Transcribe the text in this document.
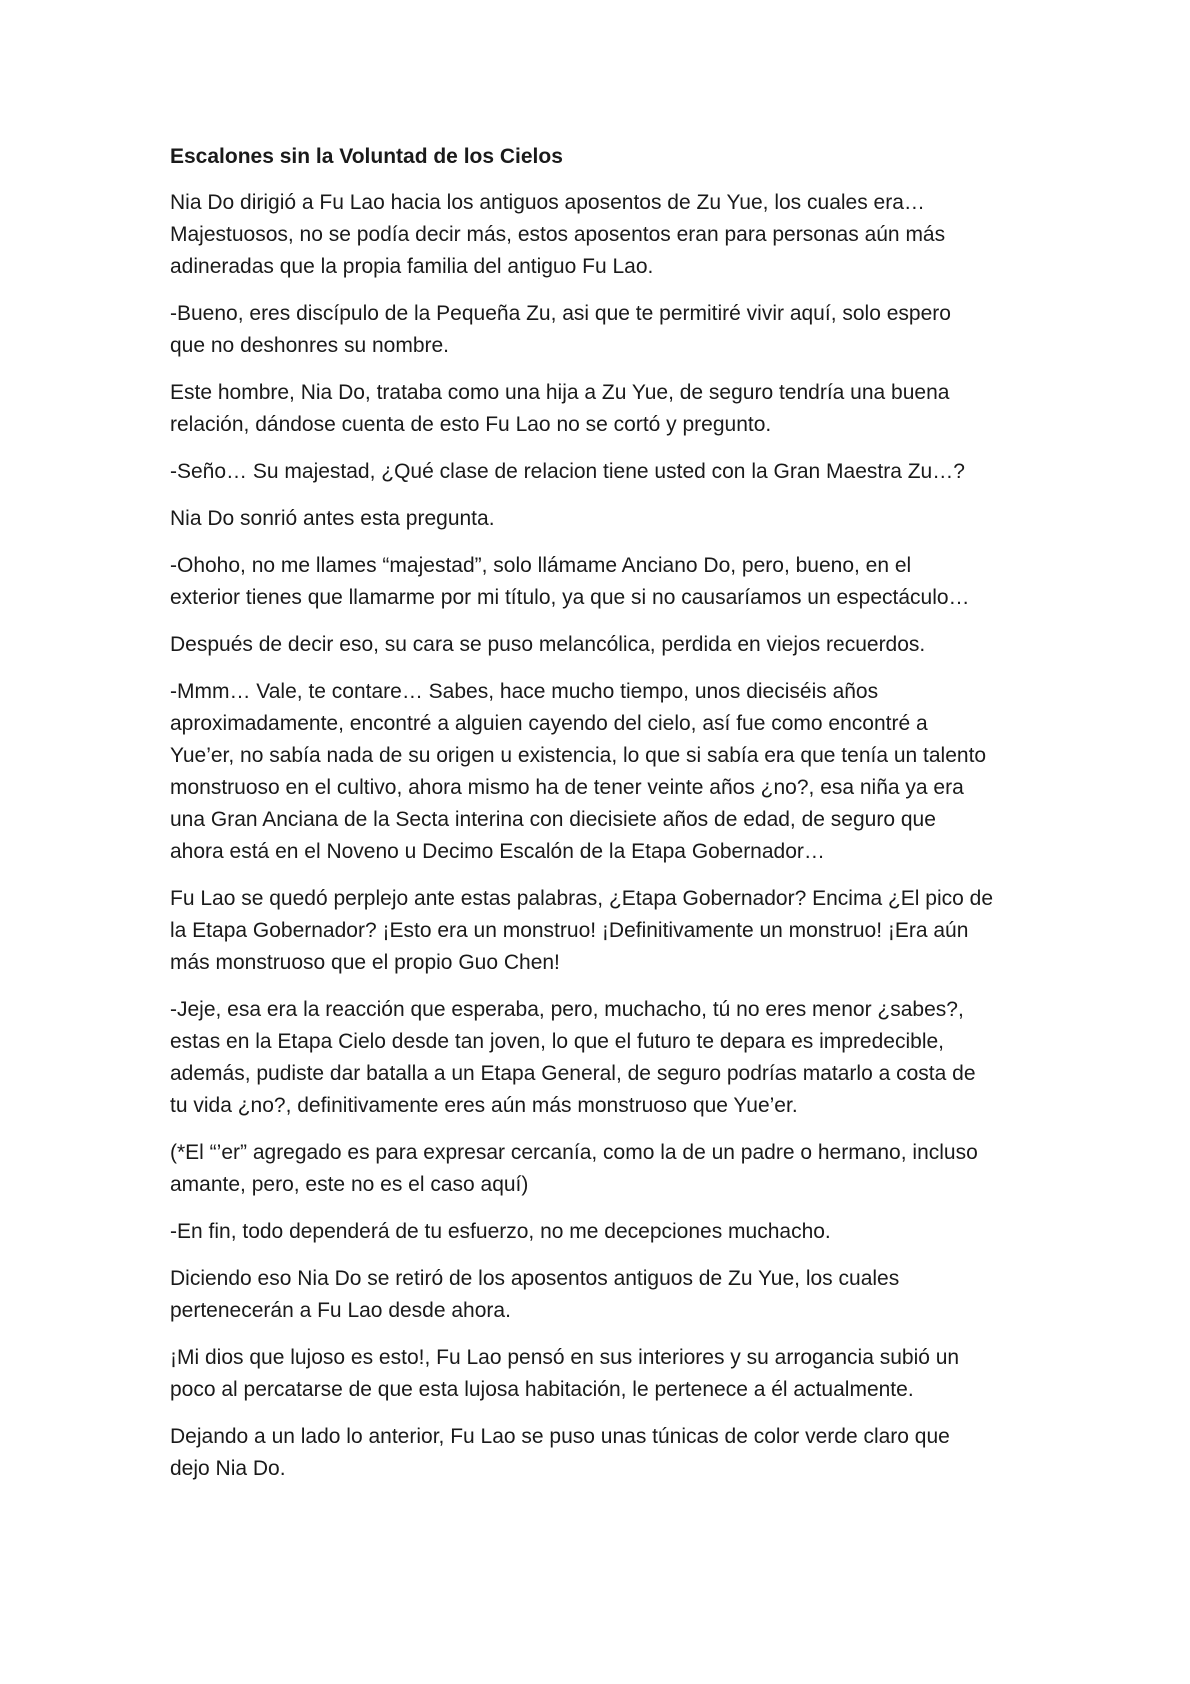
Escalones sin la Voluntad de los Cielos
Nia Do dirigió a Fu Lao hacia los antiguos aposentos de Zu Yue, los cuales era…
Majestuosos, no se podía decir más, estos aposentos eran para personas aún más
adineradas que la propia familia del antiguo Fu Lao.
-Bueno, eres discípulo de la Pequeña Zu, asi que te permitiré vivir aquí, solo espero
que no deshonres su nombre.
Este hombre, Nia Do, trataba como una hija a Zu Yue, de seguro tendría una buena
relación, dándose cuenta de esto Fu Lao no se cortó y pregunto.
-Seño… Su majestad, ¿Qué clase de relacion tiene usted con la Gran Maestra Zu…?
Nia Do sonrió antes esta pregunta.
-Ohoho, no me llames “majestad”, solo llámame Anciano Do, pero, bueno, en el
exterior tienes que llamarme por mi título, ya que si no causaríamos un espectáculo…
Después de decir eso, su cara se puso melancólica, perdida en viejos recuerdos.
-Mmm… Vale, te contare… Sabes, hace mucho tiempo, unos dieciséis años
aproximadamente, encontré a alguien cayendo del cielo, así fue como encontré a
Yue’er, no sabía nada de su origen u existencia, lo que si sabía era que tenía un talento
monstruoso en el cultivo, ahora mismo ha de tener veinte años ¿no?, esa niña ya era
una Gran Anciana de la Secta interina con diecisiete años de edad, de seguro que
ahora está en el Noveno u Decimo Escalón de la Etapa Gobernador…
Fu Lao se quedó perplejo ante estas palabras, ¿Etapa Gobernador? Encima ¿El pico de
la Etapa Gobernador? ¡Esto era un monstruo! ¡Definitivamente un monstruo! ¡Era aún
más monstruoso que el propio Guo Chen!
-Jeje, esa era la reacción que esperaba, pero, muchacho, tú no eres menor ¿sabes?,
estas en la Etapa Cielo desde tan joven, lo que el futuro te depara es impredecible,
además, pudiste dar batalla a un Etapa General, de seguro podrías matarlo a costa de
tu vida ¿no?, definitivamente eres aún más monstruoso que Yue’er.
(*El “’er” agregado es para expresar cercanía, como la de un padre o hermano, incluso
amante, pero, este no es el caso aquí)
-En fin, todo dependerá de tu esfuerzo, no me decepciones muchacho.
Diciendo eso Nia Do se retiró de los aposentos antiguos de Zu Yue, los cuales
pertenecerán a Fu Lao desde ahora.
¡Mi dios que lujoso es esto!, Fu Lao pensó en sus interiores y su arrogancia subió un
poco al percatarse de que esta lujosa habitación, le pertenece a él actualmente.
Dejando a un lado lo anterior, Fu Lao se puso unas túnicas de color verde claro que
dejo Nia Do.
